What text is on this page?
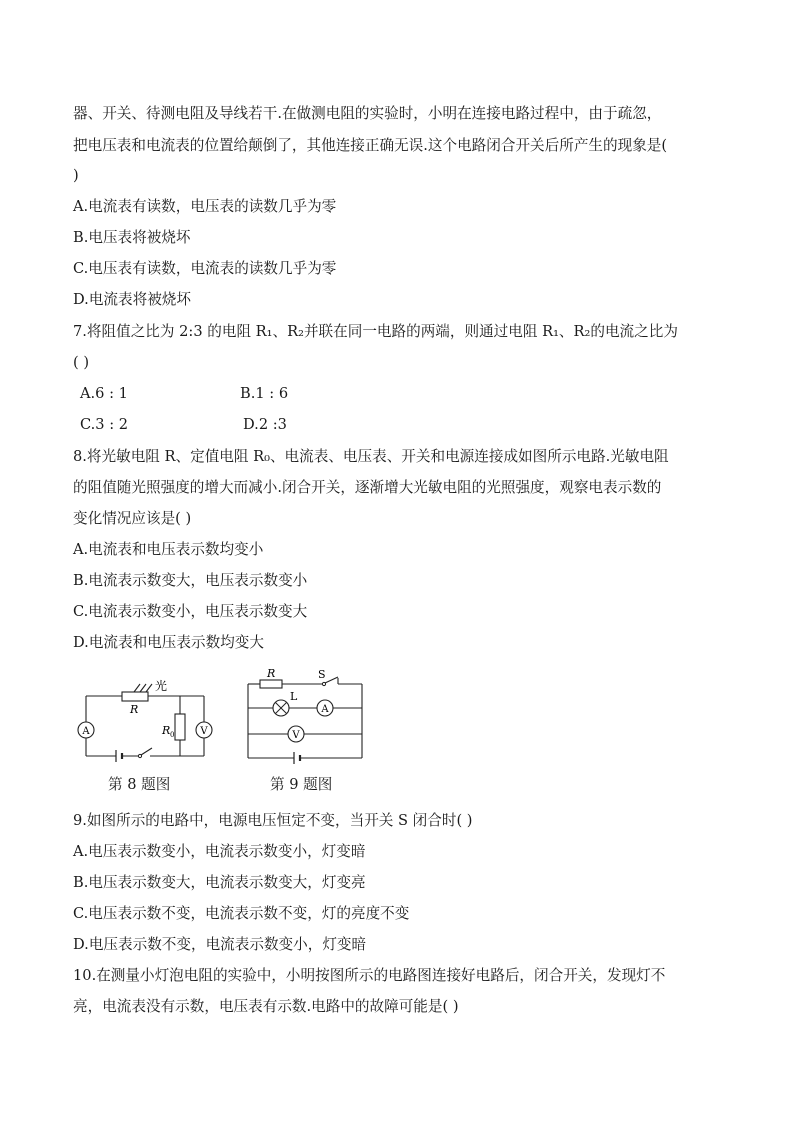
器、开关、待测电阻及导线若干.在做测电阻的实验时，小明在连接电路过程中，由于疏忽，
把电压表和电流表的位置给颠倒了，其他连接正确无误.这个电路闭合开关后所产生的现象是(
)
A.电流表有读数，电压表的读数几乎为零
B.电压表将被烧坏
C.电压表有读数，电流表的读数几乎为零
D.电流表将被烧坏
7.将阻值之比为 2:3 的电阻 R₁、R₂并联在同一电路的两端，则通过电阻 R₁、R₂的电流之比为
( )
A.6 : 1	B.1 : 6
C.3 : 2	D.2 :3
8.将光敏电阻 R、定值电阻 R₀、电流表、电压表、开关和电源连接成如图所示电路.光敏电阻
的阻值随光照强度的增大而减小.闭合开关，逐渐增大光敏电阻的光照强度，观察电表示数的
变化情况应该是( )
A.电流表和电压表示数均变小
B.电流表示数变大，电压表示数变小
C.电流表示数变小，电压表示数变大
D.电流表和电压表示数均变大
A	V
光
R
R 0
第 8 题图
A
V
R	S
L
第 9 题图
9.如图所示的电路中，电源电压恒定不变，当开关 S 闭合时( )
A.电压表示数变小，电流表示数变小，灯变暗
B.电压表示数变大，电流表示数变大，灯变亮
C.电压表示数不变，电流表示数不变，灯的亮度不变
D.电压表示数不变，电流表示数变小，灯变暗
10.在测量小灯泡电阻的实验中，小明按图所示的电路图连接好电路后，闭合开关，发现灯不
亮，电流表没有示数，电压表有示数.电路中的故障可能是( )
